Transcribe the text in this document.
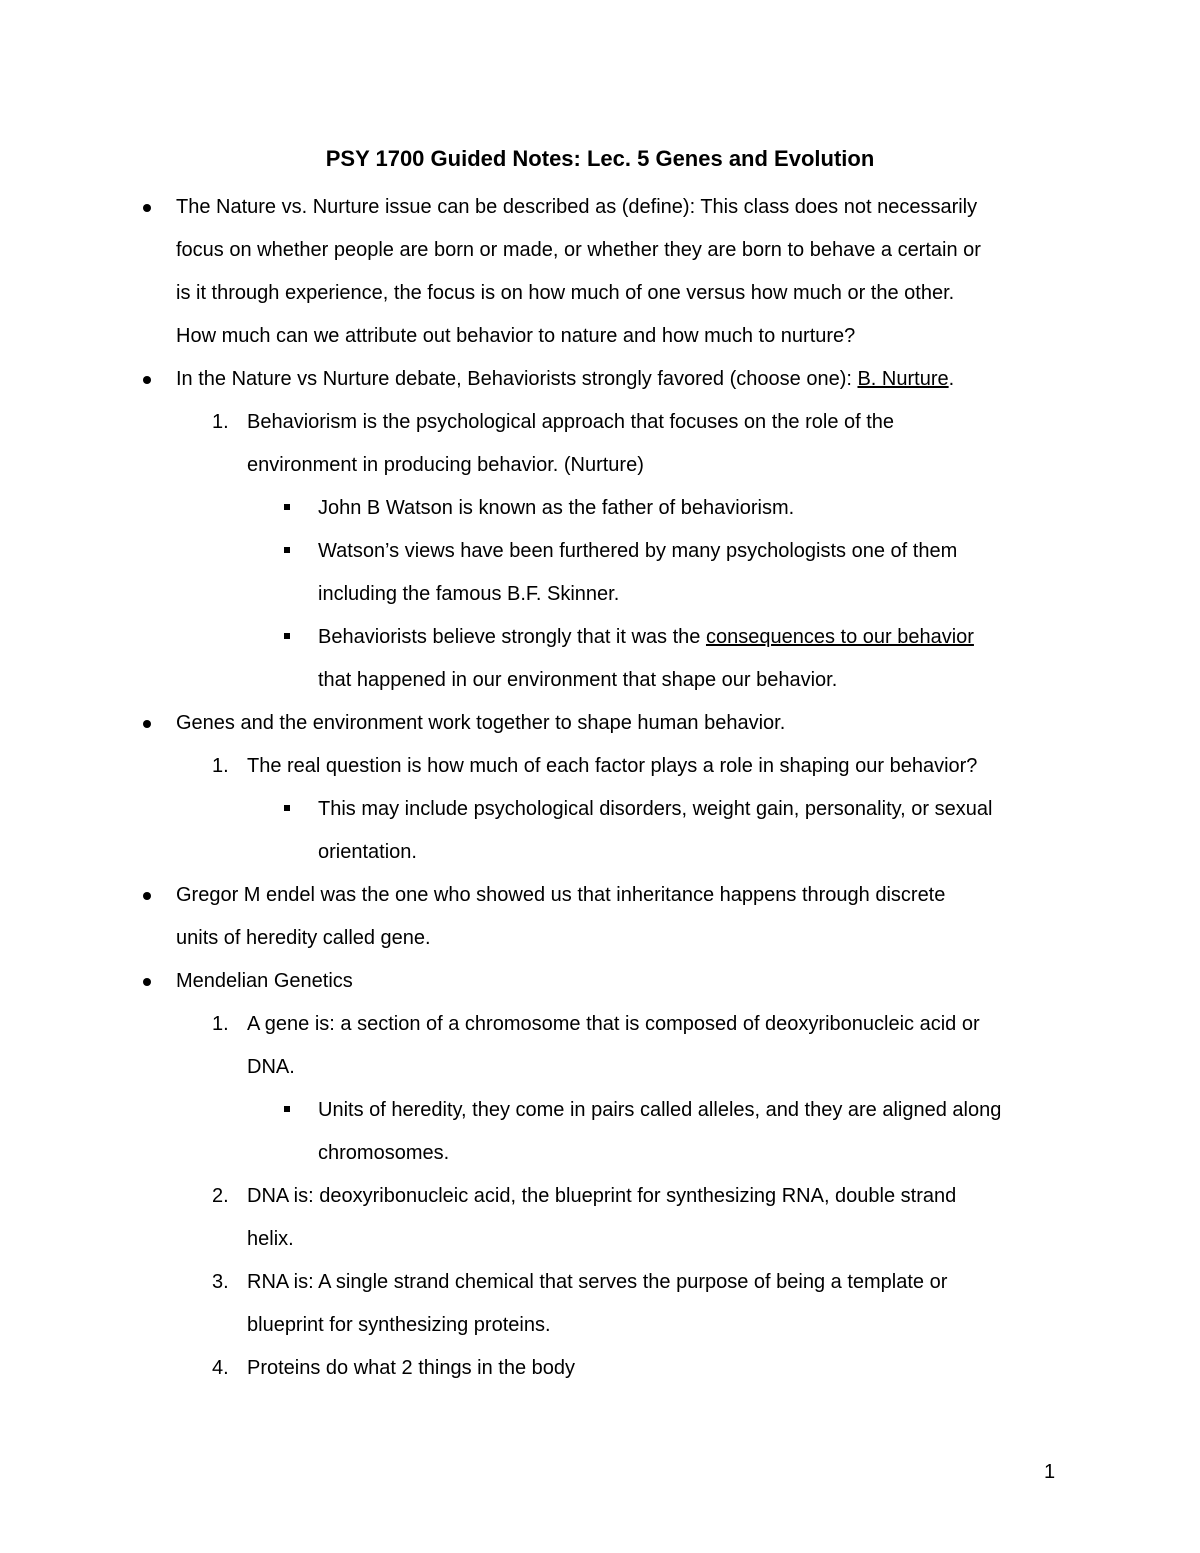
PSY 1700 Guided Notes: Lec. 5 Genes and Evolution

The Nature vs. Nurture issue can be described as (define): This class does not necessarily

focus on whether people are born or made, or whether they are born to behave a certain or

is it through experience, the focus is on how much of one versus how much or the other.

How much can we attribute out behavior to nature and how much to nurture?

In the Nature vs Nurture debate, Behaviorists strongly favored (choose one): B. Nurture.

1. Behaviorism is the psychological approach that focuses on the role of the

environment in producing behavior. (Nurture)

John B Watson is known as the father of behaviorism.

Watson’s views have been furthered by many psychologists one of them

including the famous B.F. Skinner.

Behaviorists believe strongly that it was the consequences to our behavior

that happened in our environment that shape our behavior.

Genes and the environment work together to shape human behavior.

1. The real question is how much of each factor plays a role in shaping our behavior?

This may include psychological disorders, weight gain, personality, or sexual

orientation.

Gregor M endel was the one who showed us that inheritance happens through discrete

units of heredity called gene.

Mendelian Genetics

1. A gene is: a section of a chromosome that is composed of deoxyribonucleic acid or

DNA.

Units of heredity, they come in pairs called alleles, and they are aligned along

chromosomes.

2. DNA is: deoxyribonucleic acid, the blueprint for synthesizing RNA, double strand

helix.

3. RNA is: A single strand chemical that serves the purpose of being a template or

blueprint for synthesizing proteins.

4. Proteins do what 2 things in the body

1
